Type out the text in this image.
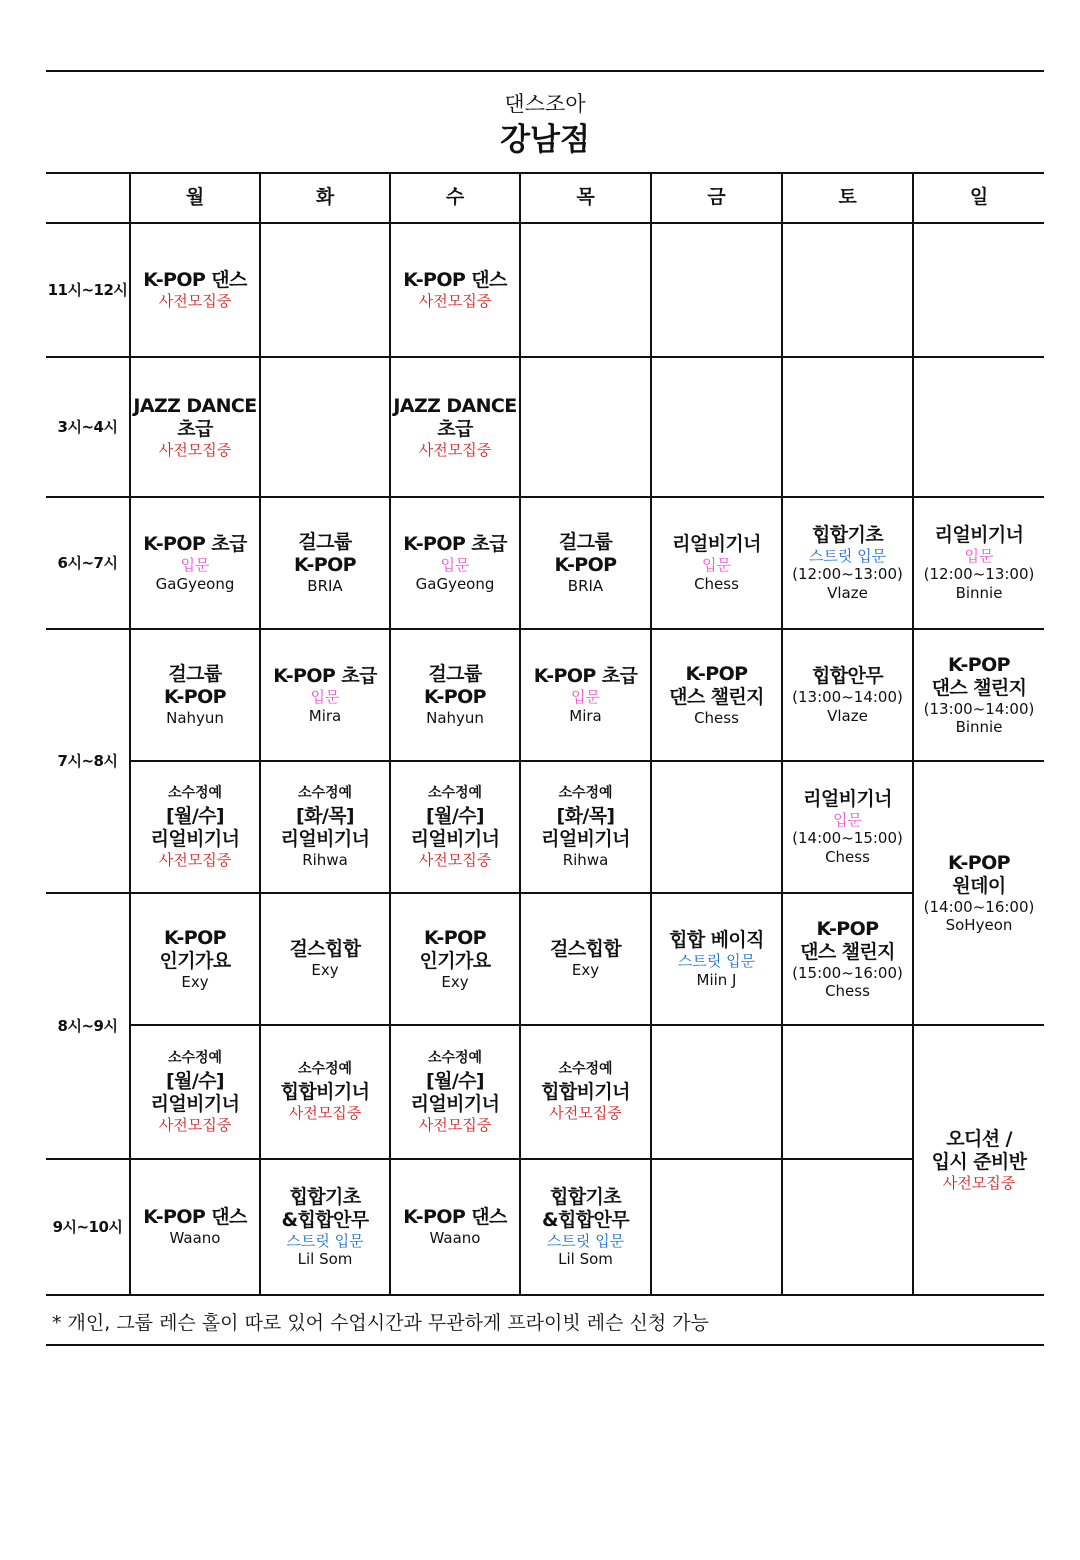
댄스조아
강남점
	월	화	수	목	금	토	일
11시~12시	K-POP 댄스
사전모집중		K-POP 댄스
사전모집중				

3시~4시	JAZZ DANCE
초급
사전모집중		JAZZ DANCE
초급
사전모집중				

6시~7시	K-POP 초급
입문
GaGyeong	걸그룹
K-POP
BRIA	K-POP 초급
입문
GaGyeong	걸그룹
K-POP
BRIA	리얼비기너
입문
Chess	힙합기초
스트릿 입문
(12:00~13:00)
Vlaze	리얼비기너
입문
(12:00~13:00)
Binnie

7시~8시	걸그룹
K-POP
Nahyun	K-POP 초급
입문
Mira	걸그룹
K-POP
Nahyun	K-POP 초급
입문
Mira	K-POP
댄스 챌린지
Chess	힙합안무
(13:00~14:00)
Vlaze	K-POP
댄스 챌린지
(13:00~14:00)
Binnie

	소수정예
[월/수]
리얼비기너
사전모집중	소수정예
[화/목]
리얼비기너
Rihwa	소수정예
[월/수]
리얼비기너
사전모집중	소수정예
[화/목]
리얼비기너
Rihwa		리얼비기너
입문
(14:00~15:00)
Chess	K-POP
원데이
(14:00~16:00)
SoHyeon

8시~9시	K-POP
인기가요
Exy	걸스힙합
Exy	K-POP
인기가요
Exy	걸스힙합
Exy	힙합 베이직
스트릿 입문
Miin J	K-POP
댄스 챌린지
(15:00~16:00)
Chess	

	소수정예
[월/수]
리얼비기너
사전모집중	소수정예
힙합비기너
사전모집중	소수정예
[월/수]
리얼비기너
사전모집중	소수정예
힙합비기너
사전모집중			오디션 /
입시 준비반
사전모집중

9시~10시	K-POP 댄스
Waano	힙합기초
&힙합안무
스트릿 입문
Lil Som	K-POP 댄스
Waano	힙합기초
&힙합안무
스트릿 입문
Lil Som			

* 개인, 그룹 레슨 홀이 따로 있어 수업시간과 무관하게 프라이빗 레슨 신청 가능
